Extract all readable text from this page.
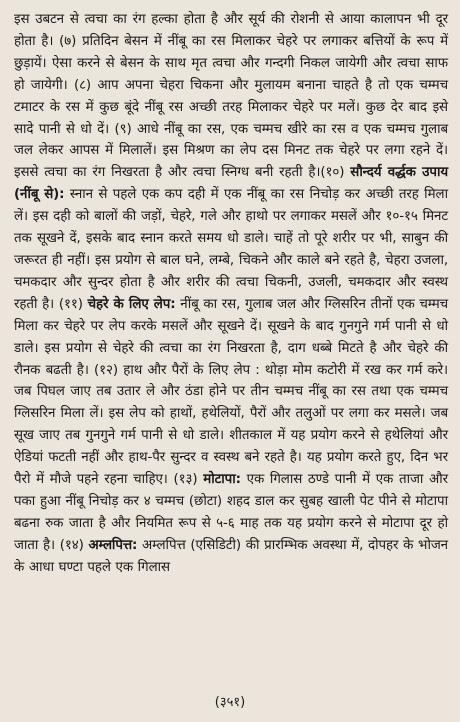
इस उबटन से त्वचा का रंग हल्का होता है और सूर्य की रोशनी से आया कालापन भी दूर होता है। (७) प्रतिदिन बेसन में नींबू का रस मिलाकर चेहरे पर लगाकर बत्तियों के रूप में छुड़ायें। ऐसा करने से बेसन के साथ मृत त्वचा और गन्दगी निकल जायेगी और त्वचा साफ हो जायेगी। (८) आप अपना चेहरा चिकना और मुलायम बनाना चाहते है तो एक चम्मच टमाटर के रस में कुछ बूंदे नींबू रस अच्छी तरह मिलाकर चेहरे पर मलें। कुछ देर बाद इसे सादे पानी से धो दें। (९) आधे नींबू का रस, एक चम्मच खीरे का रस व एक चम्मच गुलाब जल लेकर आपस में मिलालें। इस मिश्रण का लेप दस मिनट तक चेहरे पर लगा रहने दें। इससे त्वचा का रंग निखरता है और त्वचा स्निग्ध बनी रहती है।(१०) सौन्दर्य वर्द्धक उपाय (नींबू से): स्नान से पहले एक कप दही में एक नींबू का रस निचोड़ कर अच्छी तरह मिला लें। इस दही को बालों की जड़ों, चेहरे, गले और हाथो पर लगाकर मसलें और १०-१५ मिनट तक सूखने दें, इसके बाद स्नान करते समय धो डाले। चाहें तो पूरे शरीर पर भी, साबुन की जरूरत ही नहीं। इस प्रयोग से बाल घने, लम्बे, चिकने और काले बने रहते है, चेहरा उजला, चमकदार और सुन्दर होता है और शरीर की त्वचा चिकनी, उजली, चमकदार और स्वस्थ रहती है। (११) चेहरे के लिए लेप: नींबू का रस, गुलाब जल और ग्लिसरिन तीनों एक चम्मच मिला कर चेहरे पर लेप करके मसलें और सूखने दें। सूखने के बाद गुनगुने गर्म पानी से धो डाले। इस प्रयोग से चेहरे की त्वचा का रंग निखरता है, दाग धब्बे मिटते है और चेहरे की रौनक बढती है। (१२) हाथ और पैरों के लिए लेप : थोड़ा मोम कटोरी में रख कर गर्म करे। जब पिघल जाए तब उतार ले और ठंडा होने पर तीन चम्मच नींबू का रस तथा एक चम्मच ग्लिसरिन मिला लें। इस लेप को हाथों, हथेलियों, पैरों और तलुओं पर लगा कर मसले। जब सूख जाए तब गुनगुने गर्म पानी से धो डाले। शीतकाल में यह प्रयोग करने से हथेलियां और ऐडियां फटती नहीं और हाथ-पैर सुन्दर व स्वस्थ बने रहते है। यह प्रयोग करते हुए, दिन भर पैरो में मौजे पहने रहना चाहिए। (१३) मोटापा: एक गिलास ठण्डे पानी में एक ताजा और पका हुआ नींबू निचोड़ कर ४ चम्मच (छोटा) शहद डाल कर सुबह खाली पेट पीने से मोटापा बढना रुक जाता है और नियमित रूप से ५-६ माह तक यह प्रयोग करने से मोटापा दूर हो जाता है। (१४) अम्लपित्त: अम्लपित्त (एसिडिटी) की प्रारम्भिक अवस्था में, दोपहर के भोजन के आधा घण्टा पहले एक गिलास

(३५१)
